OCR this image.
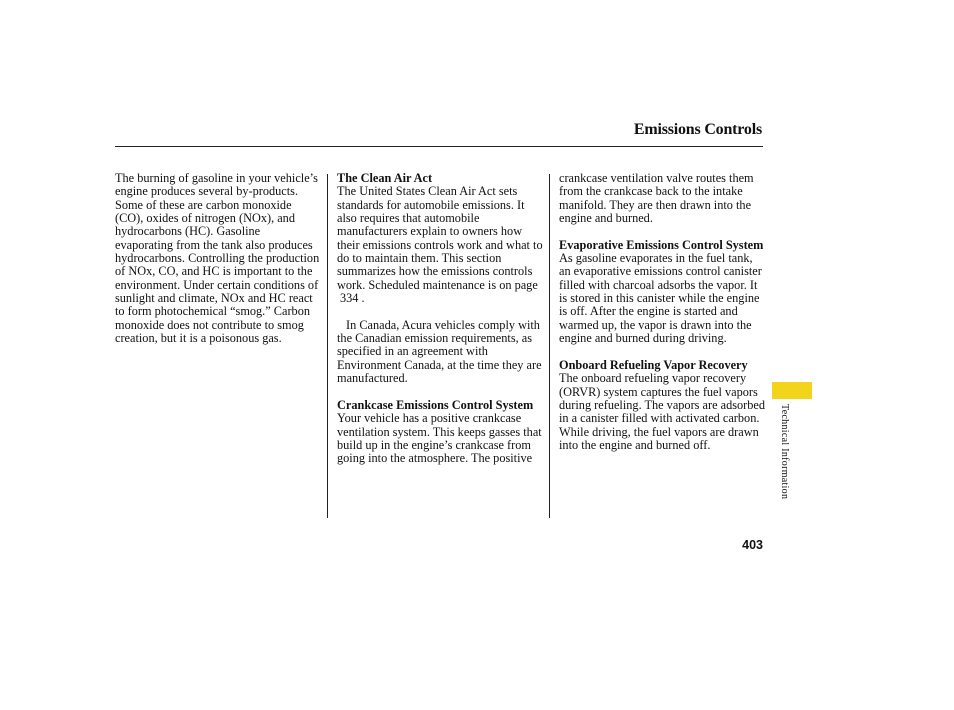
Emissions Controls

The burning of gasoline in your vehicle’s engine produces several by-products. Some of these are carbon monoxide (CO), oxides of nitrogen (NOx), and hydrocarbons (HC). Gasoline evaporating from the tank also produces hydrocarbons. Controlling the production of NOx, CO, and HC is important to the environment. Under certain conditions of sunlight and climate, NOx and HC react to form photochemical “smog.” Carbon monoxide does not contribute to smog creation, but it is a poisonous gas.

The Clean Air Act

The United States Clean Air Act sets standards for automobile emissions. It also requires that automobile manufacturers explain to owners how their emissions controls work and what to do to maintain them. This section summarizes how the emissions controls work. Scheduled maintenance is on page

334 .

In Canada, Acura vehicles comply with the Canadian emission requirements, as specified in an agreement with Environment Canada, at the time they are manufactured.

Crankcase Emissions Control System

Your vehicle has a positive crankcase ventilation system. This keeps gasses that build up in the engine’s crankcase from going into the atmosphere. The positive

crankcase ventilation valve routes them from the crankcase back to the intake manifold. They are then drawn into the engine and burned.

Evaporative Emissions Control System

As gasoline evaporates in the fuel tank, an evaporative emissions control canister filled with charcoal adsorbs the vapor. It is stored in this canister while the engine is off. After the engine is started and warmed up, the vapor is drawn into the engine and burned during driving.

Onboard Refueling Vapor Recovery

The onboard refueling vapor recovery (ORVR) system captures the fuel vapors during refueling. The vapors are adsorbed in a canister filled with activated carbon. While driving, the fuel vapors are drawn into the engine and burned off.	Technical Information
403
